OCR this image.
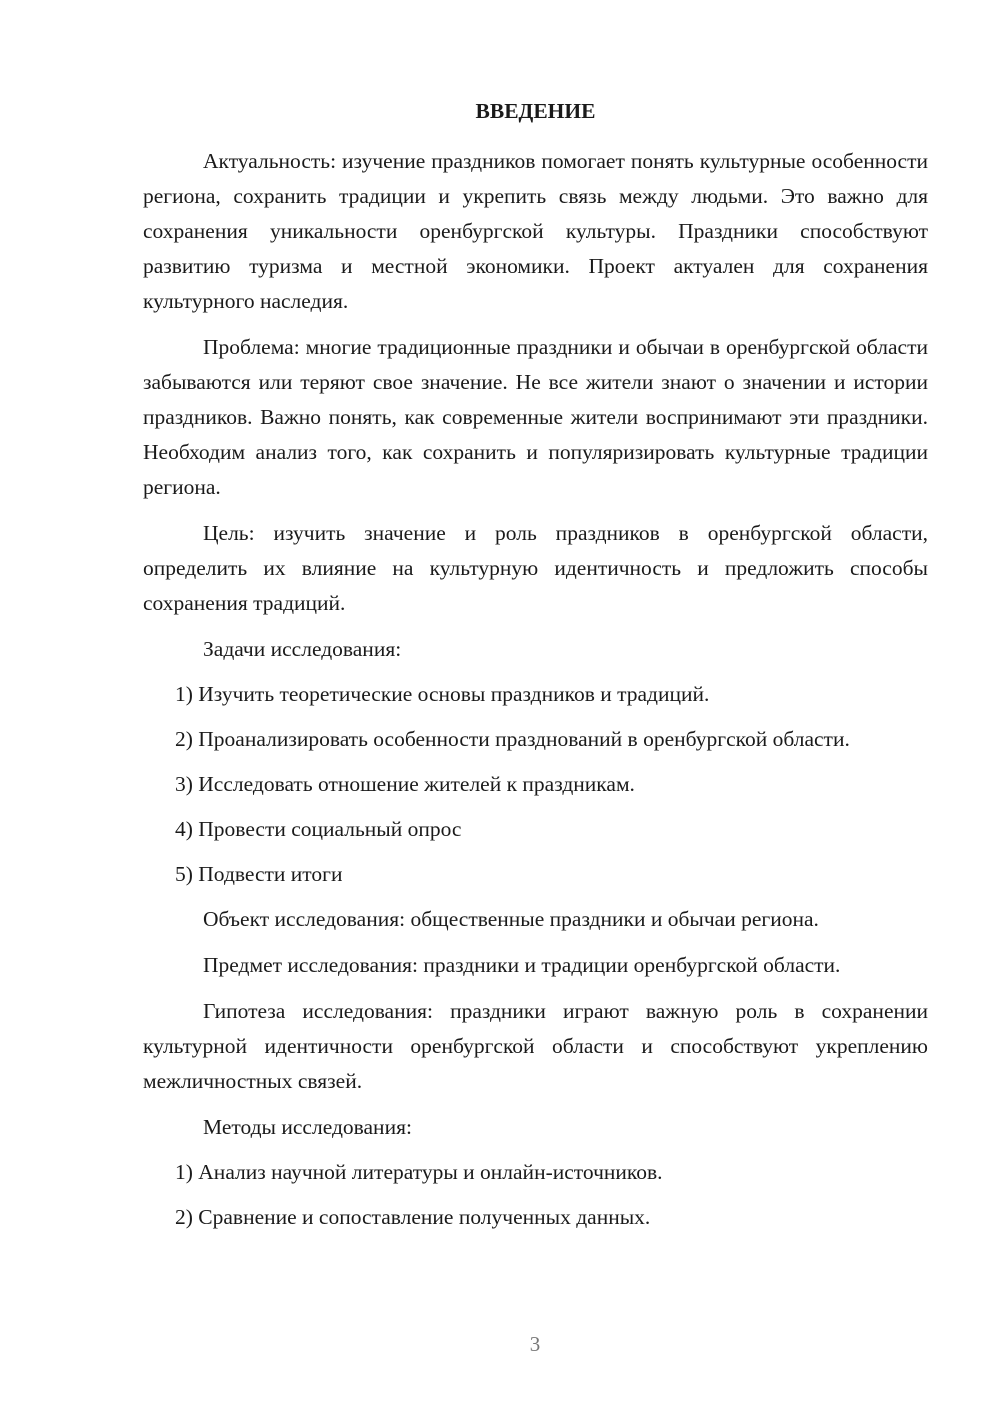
ВВЕДЕНИЕ

Актуальность: изучение праздников помогает понять культурные особенности региона, сохранить традиции и укрепить связь между людьми. Это важно для сохранения уникальности оренбургской культуры. Праздники способствуют развитию туризма и местной экономики. Проект актуален для сохранения культурного наследия.

Проблема: многие традиционные праздники и обычаи в оренбургской области забываются или теряют свое значение. Не все жители знают о значении и истории праздников. Важно понять, как современные жители воспринимают эти праздники. Необходим анализ того, как сохранить и популяризировать культурные традиции региона.

Цель: изучить значение и роль праздников в оренбургской области, определить их влияние на культурную идентичность и предложить способы сохранения традиций.

Задачи исследования:

1) Изучить теоретические основы праздников и традиций.

2) Проанализировать особенности празднований в оренбургской области.

3) Исследовать отношение жителей к праздникам.

4) Провести социальный опрос

5) Подвести итоги

Объект исследования: общественные праздники и обычаи региона.

Предмет исследования: праздники и традиции оренбургской области.

Гипотеза исследования: праздники играют важную роль в сохранении культурной идентичности оренбургской области и способствуют укреплению межличностных связей.

Методы исследования:

1) Анализ научной литературы и онлайн-источников.

2) Сравнение и сопоставление полученных данных.

3
